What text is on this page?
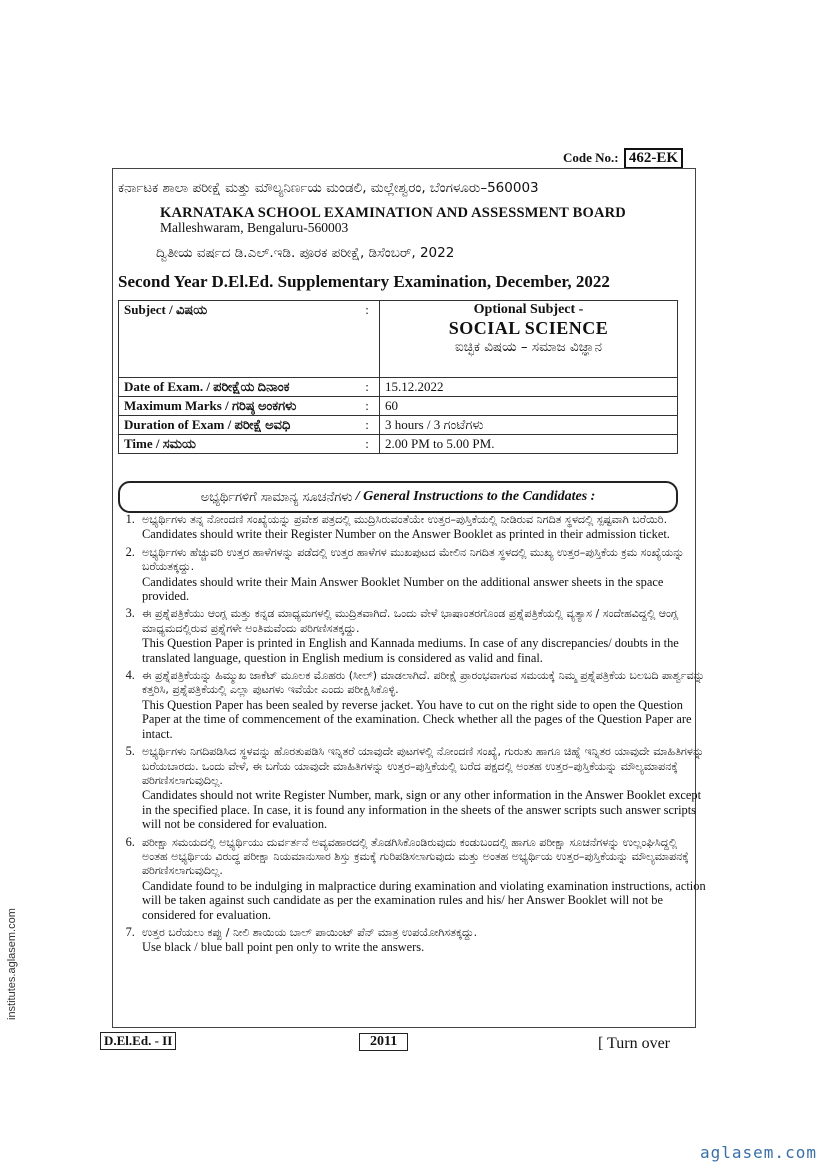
Code No.: 462-EK
ಕರ್ನಾಟಕ ಶಾಲಾ ಪರೀಕ್ಷೆ ಮತ್ತು ಮೌಲ್ಯನಿರ್ಣಯ ಮಂಡಲಿ, ಮಲ್ಲೇಶ್ವರಂ, ಬೆಂಗಳೂರು–560003
KARNATAKA SCHOOL EXAMINATION AND ASSESSMENT BOARD
Malleshwaram, Bengaluru-560003
ದ್ವಿತೀಯ ವರ್ಷದ ಡಿ.ಎಲ್.ಇಡಿ. ಪೂರಕ ಪರೀಕ್ಷೆ, ಡಿಸೆಂಬರ್, 2022
Second Year D.El.Ed. Supplementary Examination, December, 2022
Subject / ವಿಷಯ	:	Optional Subject -
SOCIAL SCIENCE
ಐಚ್ಛಿಕ ವಿಷಯ – ಸಮಾಜ ವಿಜ್ಞಾನ

Date of Exam. / ಪರೀಕ್ಷೆಯ ದಿನಾಂಕ	:	15.12.2022
Maximum Marks / ಗರಿಷ್ಠ ಅಂಕಗಳು	:	60
Duration of Exam / ಪರೀಕ್ಷೆ ಅವಧಿ	:	3 hours / 3 ಗಂಟೆಗಳು
Time / ಸಮಯ	:	2.00 PM to 5.00 PM.
ಅಭ್ಯರ್ಥಿಗಳಿಗೆ ಸಾಮಾನ್ಯ ಸೂಚನೆಗಳು
/ General Instructions to the Candidates :
1. ಅಭ್ಯರ್ಥಿಗಳು ತನ್ನ ನೋಂದಣಿ ಸಂಖ್ಯೆಯನ್ನು ಪ್ರವೇಶ ಪತ್ರದಲ್ಲಿ ಮುದ್ರಿಸಿರುವಂತೆಯೇ ಉತ್ತರ–ಪುಸ್ತಿಕೆಯಲ್ಲಿ ನೀಡಿರುವ ನಿಗದಿತ ಸ್ಥಳದಲ್ಲಿ ಸ್ಪಷ್ಟವಾಗಿ ಬರೆಯಿರಿ.
Candidates should write their Register Number on the Answer Booklet as printed in their admission ticket.
2. ಅಭ್ಯರ್ಥಿಗಳು ಹೆಚ್ಚುವರಿ ಉತ್ತರ ಹಾಳೆಗಳನ್ನು ಪಡೆದಲ್ಲಿ ಉತ್ತರ ಹಾಳೆಗಳ ಮುಖಪುಟದ ಮೇಲಿನ ನಿಗದಿತ ಸ್ಥಳದಲ್ಲಿ ಮುಖ್ಯ ಉತ್ತರ–ಪುಸ್ತಿಕೆಯ ಕ್ರಮ ಸಂಖ್ಯೆಯನ್ನು ಬರೆಯತಕ್ಕದ್ದು.
Candidates should write their Main Answer Booklet Number on the additional answer sheets in the space provided.
3. ಈ ಪ್ರಶ್ನೆಪತ್ರಿಕೆಯು ಆಂಗ್ಲ ಮತ್ತು ಕನ್ನಡ ಮಾಧ್ಯಮಗಳಲ್ಲಿ ಮುದ್ರಿತವಾಗಿದೆ. ಒಂದು ವೇಳೆ ಭಾಷಾಂತರಗೊಂಡ ಪ್ರಶ್ನೆಪತ್ರಿಕೆಯಲ್ಲಿ ವ್ಯತ್ಯಾಸ / ಸಂದೇಹವಿದ್ದಲ್ಲಿ ಆಂಗ್ಲ ಮಾಧ್ಯಮದಲ್ಲಿರುವ ಪ್ರಶ್ನೆಗಳೇ ಅಂತಿಮವೆಂದು ಪರಿಗಣಿಸತಕ್ಕದ್ದು.
This Question Paper is printed in English and Kannada mediums. In case of any discrepancies/ doubts in the translated language, question in English medium is considered as valid and final.
4. ಈ ಪ್ರಶ್ನೆಪತ್ರಿಕೆಯನ್ನು ಹಿಮ್ಮುಖ ಜಾಕೆಟ್ ಮೂಲಕ ಮೊಹರು (ಸೀಲ್) ಮಾಡಲಾಗಿದೆ. ಪರೀಕ್ಷೆ ಪ್ರಾರಂಭವಾಗುವ ಸಮಯಕ್ಕೆ ನಿಮ್ಮ ಪ್ರಶ್ನೆಪತ್ರಿಕೆಯ ಬಲಬದಿ ಪಾರ್ಶ್ವವನ್ನು ಕತ್ತರಿಸಿ, ಪ್ರಶ್ನೆಪತ್ರಿಕೆಯಲ್ಲಿ ಎಲ್ಲಾ ಪುಟಗಳು ಇವೆಯೇ ಎಂದು ಪರೀಕ್ಷಿಸಿಕೊಳ್ಳಿ.
This Question Paper has been sealed by reverse jacket. You have to cut on the right side to open the Question Paper at the time of commencement of the examination. Check whether all the pages of the Question Paper are intact.
5. ಅಭ್ಯರ್ಥಿಗಳು ನಿಗದಿಪಡಿಸಿದ ಸ್ಥಳವನ್ನು ಹೊರತುಪಡಿಸಿ ಇನ್ನಿತರೆ ಯಾವುದೇ ಪುಟಗಳಲ್ಲಿ ನೋಂದಣಿ ಸಂಖ್ಯೆ, ಗುರುತು ಹಾಗೂ ಚಿಹ್ನೆ ಇನ್ನಿತರ ಯಾವುದೇ ಮಾಹಿತಿಗಳನ್ನು ಬರೆಯಬಾರದು. ಒಂದು ವೇಳೆ, ಈ ಬಗೆಯ ಯಾವುದೇ ಮಾಹಿತಿಗಳನ್ನು ಉತ್ತರ–ಪುಸ್ತಿಕೆಯಲ್ಲಿ ಬರೆದ ಪಕ್ಷದಲ್ಲಿ ಅಂತಹ ಉತ್ತರ–ಪುಸ್ತಿಕೆಯನ್ನು ಮೌಲ್ಯಮಾಪನಕ್ಕೆ ಪರಿಗಣಿಸಲಾಗುವುದಿಲ್ಲ.
Candidates should not write Register Number, mark, sign or any other information in the Answer Booklet except in the specified place. In case, it is found any information in the sheets of the answer scripts such answer scripts will not be considered for evaluation.
6. ಪರೀಕ್ಷಾ ಸಮಯದಲ್ಲಿ ಅಭ್ಯರ್ಥಿಯು ದುರ್ವರ್ತನೆ ಅವ್ಯವಹಾರದಲ್ಲಿ ತೊಡಗಿಸಿಕೊಂಡಿರುವುದು ಕಂಡುಬಂದಲ್ಲಿ ಹಾಗೂ ಪರೀಕ್ಷಾ ಸೂಚನೆಗಳನ್ನು ಉಲ್ಲಂಘಿಸಿದ್ದಲ್ಲಿ ಅಂತಹ ಅಭ್ಯರ್ಥಿಯ ವಿರುದ್ಧ ಪರೀಕ್ಷಾ ನಿಯಮಾನುಸಾರ ಶಿಸ್ತು ಕ್ರಮಕ್ಕೆ ಗುರಿಪಡಿಸಲಾಗುವುದು ಮತ್ತು ಅಂತಹ ಅಭ್ಯರ್ಥಿಯ ಉತ್ತರ–ಪುಸ್ತಿಕೆಯನ್ನು ಮೌಲ್ಯಮಾಪನಕ್ಕೆ ಪರಿಗಣಿಸಲಾಗುವುದಿಲ್ಲ.
Candidate found to be indulging in malpractice during examination and violating examination instructions, action will be taken against such candidate as per the examination rules and his/ her Answer Booklet will not be considered for evaluation.
7. ಉತ್ತರ ಬರೆಯಲು ಕಪ್ಪು / ನೀಲಿ ಶಾಯಿಯ ಬಾಲ್ ಪಾಯಿಂಟ್ ಪೆನ್ ಮಾತ್ರ ಉಪಯೋಗಿಸತಕ್ಕದ್ದು.
Use black / blue ball point pen only to write the answers.
D.El.Ed. - II	2011	[ Turn over
institutes.aglasem.com
aglasem.com
